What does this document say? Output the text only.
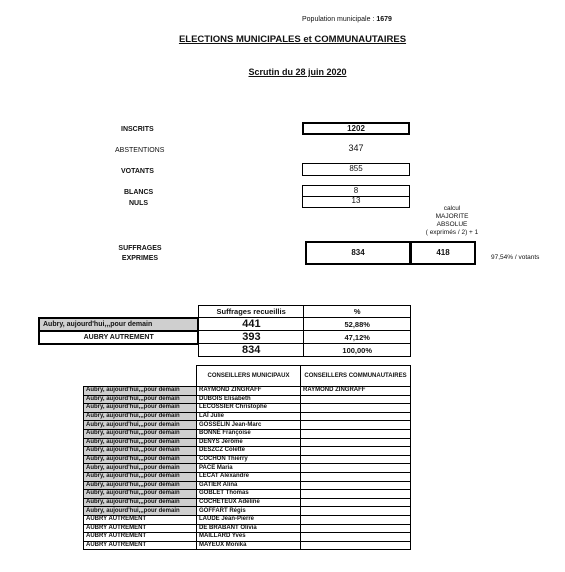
Population municipale : 1679
ELECTIONS MUNICIPALES et COMMUNAUTAIRES
Scrutin du 28 juin 2020
INSCRITS	1202
ABSTENTIONS	347
VOTANTS	855
BLANCS	8
NULS	13
calcul
MAJORITE
ABSOLUE
( exprimés / 2) + 1
SUFFRAGES
EXPRIMES
834	418
97,54% / votants
	Suffrages recueillis	%
Aubry, aujourd'hui,,,pour demain	441	52,88%
AUBRY AUTREMENT	393	47,12%
	834	100,00%
	CONSEILLERS MUNICIPAUX	CONSEILLERS COMMUNAUTAIRES
Aubry, aujourd'hui,,,pour demain	RAYMOND ZINGRAFF	RAYMOND ZINGRAFF
Aubry, aujourd'hui,,,pour demain	DUBOIS Elisabeth	
Aubry, aujourd'hui,,,pour demain	LECOSSIER Christophe	
Aubry, aujourd'hui,,,pour demain	LAÏ Julie	
Aubry, aujourd'hui,,,pour demain	GOSSELIN Jean-Marc	
Aubry, aujourd'hui,,,pour demain	BONNÉ Françoise	
Aubry, aujourd'hui,,,pour demain	DENYS Jérôme	
Aubry, aujourd'hui,,,pour demain	DESZCZ Colette	
Aubry, aujourd'hui,,,pour demain	COCHON Thierry	
Aubry, aujourd'hui,,,pour demain	PACE Maria	
Aubry, aujourd'hui,,,pour demain	LECAT Alexandre	
Aubry, aujourd'hui,,,pour demain	GATIER Alina	
Aubry, aujourd'hui,,,pour demain	GOBLET Thomas	
Aubry, aujourd'hui,,,pour demain	COCHETEUX Adeline	
Aubry, aujourd'hui,,,pour demain	GOFFART Régis	
AUBRY AUTREMENT	LAUDE Jean-Pierre	
AUBRY AUTREMENT	DE BRABANT Olivia	
AUBRY AUTREMENT	MAILLARD Yves	
AUBRY AUTREMENT	MAYEUX Monika	
